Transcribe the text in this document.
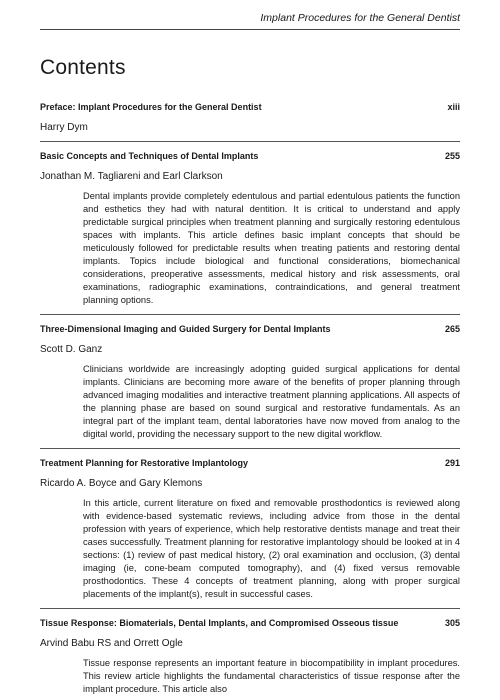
Implant Procedures for the General Dentist
Contents
Preface: Implant Procedures for the General Dentist	xiii
Harry Dym
Basic Concepts and Techniques of Dental Implants	255
Jonathan M. Tagliareni and Earl Clarkson
Dental implants provide completely edentulous and partial edentulous patients the function and esthetics they had with natural dentition. It is critical to understand and apply predictable surgical principles when treatment planning and surgically restoring edentulous spaces with implants. This article defines basic implant concepts that should be meticulously followed for predictable results when treating patients and restoring dental implants. Topics include biological and functional considerations, biomechanical considerations, preoperative assessments, medical history and risk assessments, oral examinations, radiographic examinations, contraindications, and general treatment planning options.
Three-Dimensional Imaging and Guided Surgery for Dental Implants	265
Scott D. Ganz
Clinicians worldwide are increasingly adopting guided surgical applications for dental implants. Clinicians are becoming more aware of the benefits of proper planning through advanced imaging modalities and interactive treatment planning applications. All aspects of the planning phase are based on sound surgical and restorative fundamentals. As an integral part of the implant team, dental laboratories have now moved from analog to the digital world, providing the necessary support to the new digital workflow.
Treatment Planning for Restorative Implantology	291
Ricardo A. Boyce and Gary Klemons
In this article, current literature on fixed and removable prosthodontics is reviewed along with evidence-based systematic reviews, including advice from those in the dental profession with years of experience, which help restorative dentists manage and treat their cases successfully. Treatment planning for restorative implantology should be looked at in 4 sections: (1) review of past medical history, (2) oral examination and occlusion, (3) dental imaging (ie, cone-beam computed tomography), and (4) fixed versus removable prosthodontics. These 4 concepts of treatment planning, along with proper surgical placements of the implant(s), result in successful cases.
Tissue Response: Biomaterials, Dental Implants, and Compromised Osseous tissue	305
Arvind Babu RS and Orrett Ogle
Tissue response represents an important feature in biocompatibility in implant procedures. This review article highlights the fundamental characteristics of tissue response after the implant procedure. This article also
